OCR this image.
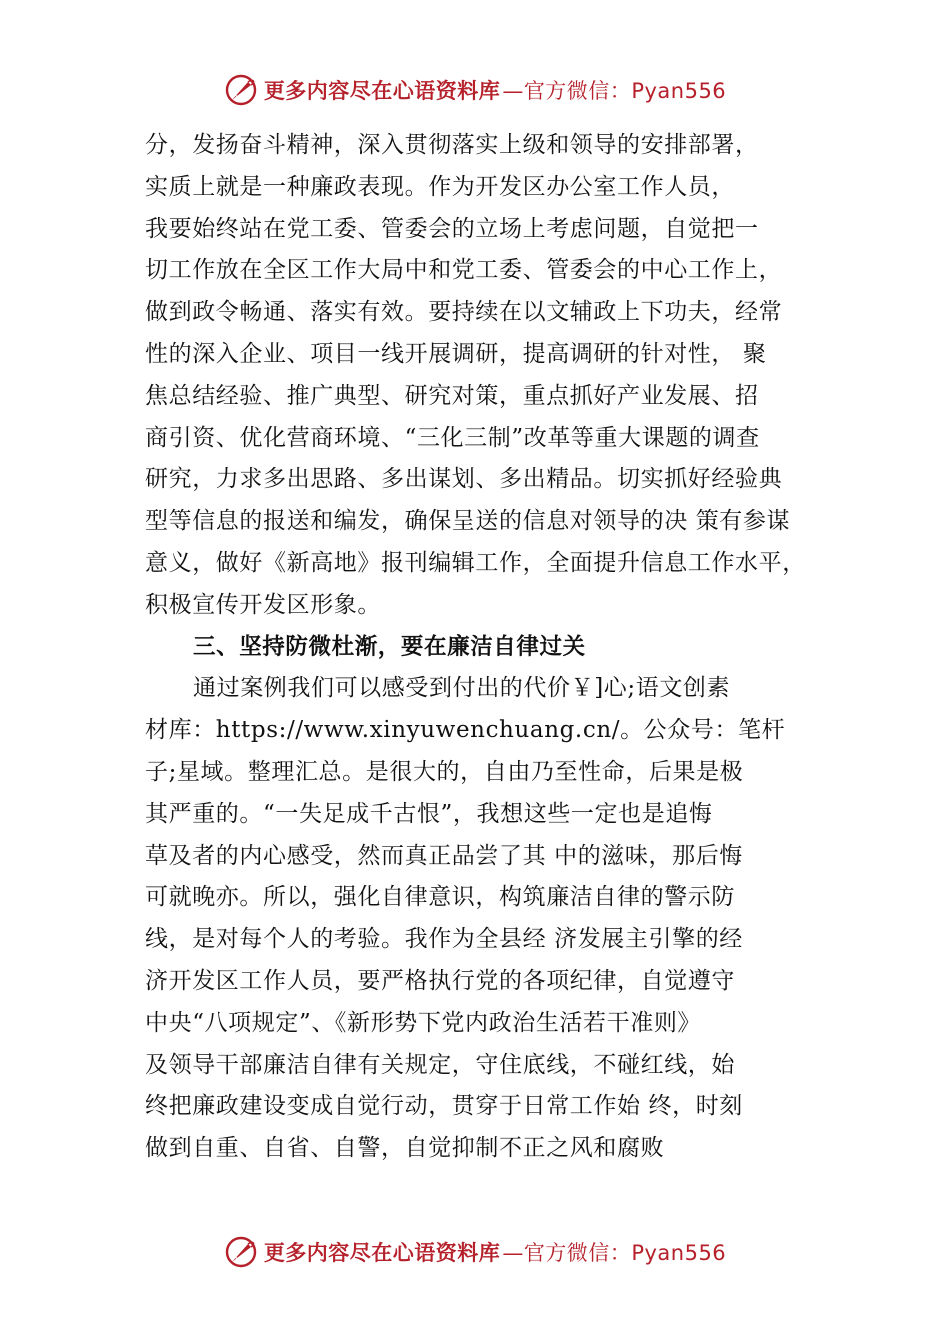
更多内容尽在心语资料库—官方微信：Pyan556
分，发扬奋斗精神，深入贯彻落实上级和领导的安排部署，
实质上就是一种廉政表现。作为开发区办公室工作人员，
我要始终站在党工委、管委会的立场上考虑问题，自觉把一
切工作放在全区工作大局中和党工委、管委会的中心工作上，
做到政令畅通、落实有效。要持续在以文辅政上下功夫，经常
性的深入企业、项目一线开展调研，提高调研的针对性， 聚
焦总结经验、推广典型、研究对策，重点抓好产业发展、招
商引资、优化营商环境、“三化三制”改革等重大课题的调查
研究，力求多出思路、多出谋划、多出精品。切实抓好经验典
型等信息的报送和编发，确保呈送的信息对领导的决 策有参谋
意义，做好《新高地》报刊编辑工作，全面提升信息工作水平，
积极宣传开发区形象。
三、坚持防微杜渐，要在廉洁自律过关
通过案例我们可以感受到付出的代价￥]心;语文创素
材库：https://www.xinyuwenchuang.cn/。公众号：笔杆
子;星域。整理汇总。是很大的，自由乃至性命，后果是极
其严重的。“一失足成千古恨”，我想这些一定也是追悔
草及者的内心感受，然而真正品尝了其 中的滋味，那后悔
可就晚亦。所以，强化自律意识，构筑廉洁自律的警示防
线，是对每个人的考验。我作为全县经 济发展主引擎的经
济开发区工作人员，要严格执行党的各项纪律，自觉遵守
中央“八项规定”、《新形势下党内政治生活若干准则》
及领导干部廉洁自律有关规定，守住底线，不碰红线，始
终把廉政建设变成自觉行动，贯穿于日常工作始 终，时刻
做到自重、自省、自警，自觉抑制不正之风和腐败
更多内容尽在心语资料库—官方微信：Pyan556
